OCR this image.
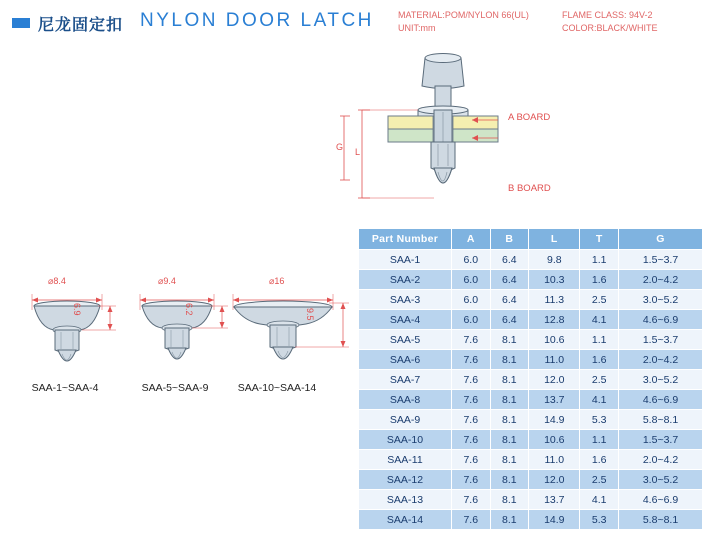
尼龙固定扣 NYLON DOOR LATCH	MATERIAL:POM/NYLON 66(UL)
UNIT:mm
FLAME CLASS: 94V-2
COLOR:BLACK/WHITE
A BOARD
B BOARD
L
G
⌀8.4
6.9
SAA-1~SAA-4
⌀9.4
6.2
SAA-5~SAA-9
⌀16
9.5
SAA-10~SAA-14
Part Number	A	B	L	T	G
SAA-1	6.0	6.4	9.8	1.1	1.5~3.7
SAA-2	6.0	6.4	10.3	1.6	2.0~4.2
SAA-3	6.0	6.4	11.3	2.5	3.0~5.2
SAA-4	6.0	6.4	12.8	4.1	4.6~6.9
SAA-5	7.6	8.1	10.6	1.1	1.5~3.7
SAA-6	7.6	8.1	11.0	1.6	2.0~4.2
SAA-7	7.6	8.1	12.0	2.5	3.0~5.2
SAA-8	7.6	8.1	13.7	4.1	4.6~6.9
SAA-9	7.6	8.1	14.9	5.3	5.8~8.1
SAA-10	7.6	8.1	10.6	1.1	1.5~3.7
SAA-11	7.6	8.1	11.0	1.6	2.0~4.2
SAA-12	7.6	8.1	12.0	2.5	3.0~5.2
SAA-13	7.6	8.1	13.7	4.1	4.6~6.9
SAA-14	7.6	8.1	14.9	5.3	5.8~8.1
